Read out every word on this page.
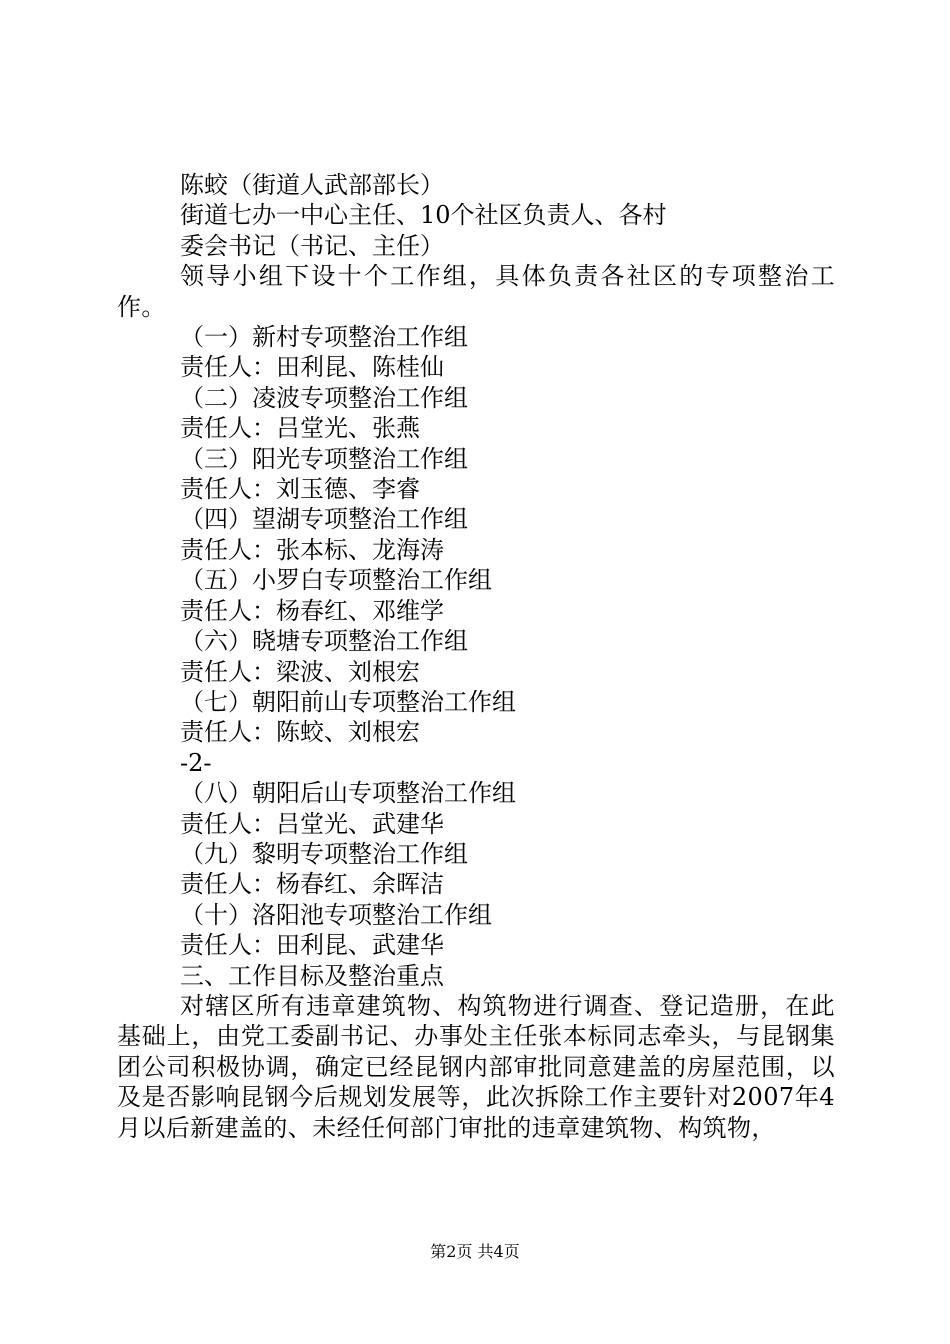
陈蛟（街道人武部部长）

街道七办一中心主任、10个社区负责人、各村

委会书记（书记、主任）

领导小组下设十个工作组，具体负责各社区的专项整治工作。

（一）新村专项整治工作组

责任人：田利昆、陈桂仙

（二）凌波专项整治工作组

责任人：吕堂光、张燕

（三）阳光专项整治工作组

责任人：刘玉德、李睿

（四）望湖专项整治工作组

责任人：张本标、龙海涛

（五）小罗白专项整治工作组

责任人：杨春红、邓维学

（六）晓塘专项整治工作组

责任人：梁波、刘根宏

（七）朝阳前山专项整治工作组

责任人：陈蛟、刘根宏

-2-

（八）朝阳后山专项整治工作组

责任人：吕堂光、武建华

（九）黎明专项整治工作组

责任人：杨春红、余晖洁

（十）洛阳池专项整治工作组

责任人：田利昆、武建华

三、工作目标及整治重点

对辖区所有违章建筑物、构筑物进行调查、登记造册，在此基础上，由党工委副书记、办事处主任张本标同志牵头，与昆钢集团公司积极协调，确定已经昆钢内部审批同意建盖的房屋范围，以及是否影响昆钢今后规划发展等，此次拆除工作主要针对2007年4月以后新建盖的、未经任何部门审批的违章建筑物、构筑物，

第2页 共4页
